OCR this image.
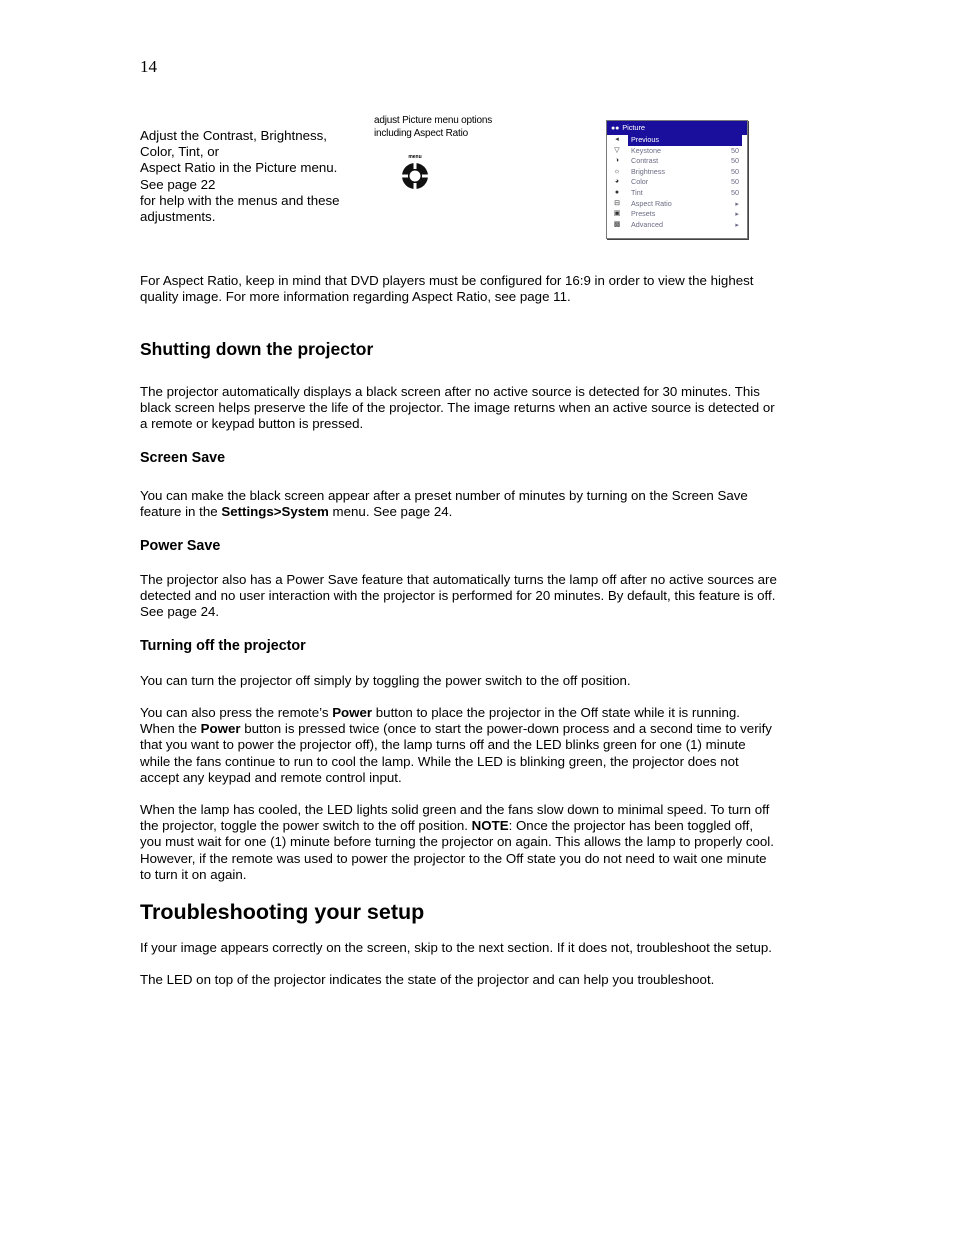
14
Adjust the Contrast, Brightness,
Color, Tint, or
Aspect Ratio in the Picture menu.
See page 22
for help with the menus and these
adjustments.
adjust Picture menu options
including Aspect Ratio
menu
●● Picture
◂	Previous
▽ Keystone	50
◑ Contrast	50
☼ Brightness	50
◕ Color	50
● Tint	50
⊟ Aspect Ratio	▸
▣ Presets	▸
▩ Advanced	▸
For Aspect Ratio, keep in mind that DVD players must be configured for 16:9 in order to view the highest
quality image. For more information regarding Aspect Ratio, see page 11.
Shutting down the projector
The projector automatically displays a black screen after no active source is detected for 30 minutes. This
black screen helps preserve the life of the projector. The image returns when an active source is detected or
a remote or keypad button is pressed.
Screen Save
You can make the black screen appear after a preset number of minutes by turning on the Screen Save
feature in the Settings>System menu. See page 24.
Power Save
The projector also has a Power Save feature that automatically turns the lamp off after no active sources are
detected and no user interaction with the projector is performed for 20 minutes. By default, this feature is off.
See page 24.
Turning off the projector
You can turn the projector off simply by toggling the power switch to the off position.
You can also press the remote’s Power button to place the projector in the Off state while it is running.
When the Power button is pressed twice (once to start the power-down process and a second time to verify
that you want to power the projector off), the lamp turns off and the LED blinks green for one (1) minute
while the fans continue to run to cool the lamp. While the LED is blinking green, the projector does not
accept any keypad and remote control input.
When the lamp has cooled, the LED lights solid green and the fans slow down to minimal speed. To turn off
the projector, toggle the power switch to the off position. NOTE: Once the projector has been toggled off,
you must wait for one (1) minute before turning the projector on again. This allows the lamp to properly cool.
However, if the remote was used to power the projector to the Off state you do not need to wait one minute
to turn it on again.
Troubleshooting your setup
If your image appears correctly on the screen, skip to the next section. If it does not, troubleshoot the setup.
The LED on top of the projector indicates the state of the projector and can help you troubleshoot.
